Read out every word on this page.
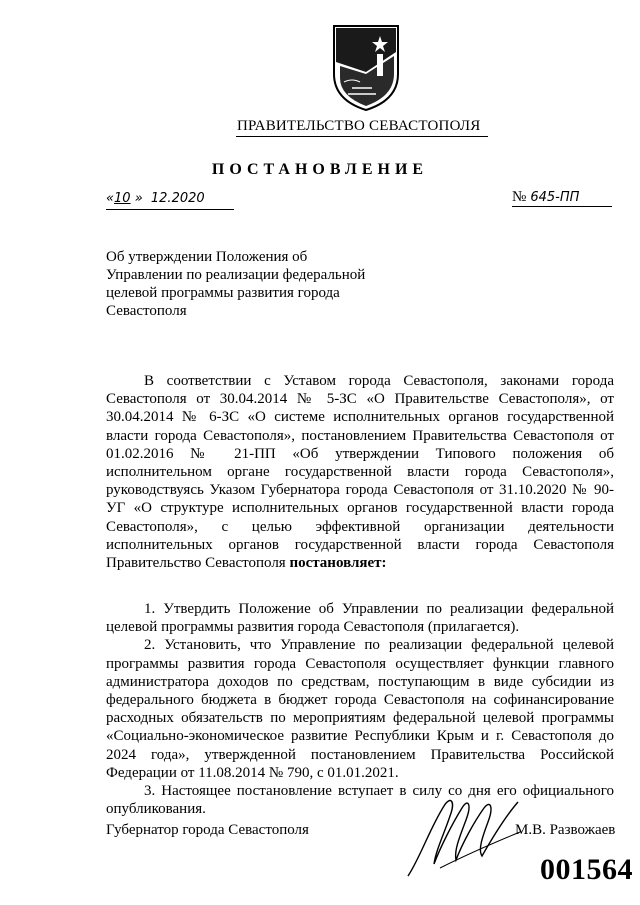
ПРАВИТЕЛЬСТВО СЕВАСТОПОЛЯ
ПОСТАНОВЛЕНИЕ
«10 » 12.2020	№ 645-ПП
Об утверждении Положения об Управлении по реализации федеральной целевой программы развития города Севастополя
В соответствии с Уставом города Севастополя, законами города Севастополя от 30.04.2014 № 5-ЗС «О Правительстве Севастополя», от 30.04.2014 № 6-ЗС «О системе исполнительных органов государственной власти города Севастополя», постановлением Правительства Севастополя от 01.02.2016 № 21-ПП «Об утверждении Типового положения об исполнительном органе государственной власти города Севастополя», руководствуясь Указом Губернатора города Севастополя от 31.10.2020 № 90-УГ «О структуре исполнительных органов государственной власти города Севастополя», с целью эффективной организации деятельности исполнительных органов государственной власти города Севастополя Правительство Севастополя постановляет:

1. Утвердить Положение об Управлении по реализации федеральной целевой программы развития города Севастополя (прилагается).

2. Установить, что Управление по реализации федеральной целевой программы развития города Севастополя осуществляет функции главного администратора доходов по средствам, поступающим в виде субсидии из федерального бюджета в бюджет города Севастополя на софинансирование расходных обязательств по мероприятиям федеральной целевой программы «Социально-экономическое развитие Республики Крым и г. Севастополя до 2024 года», утвержденной постановлением Правительства Российской Федерации от 11.08.2014 № 790, с 01.01.2021.

3. Настоящее постановление вступает в силу со дня его официального опубликования.

Губернатор города Севастополя	М.В. Развожаев
001564
